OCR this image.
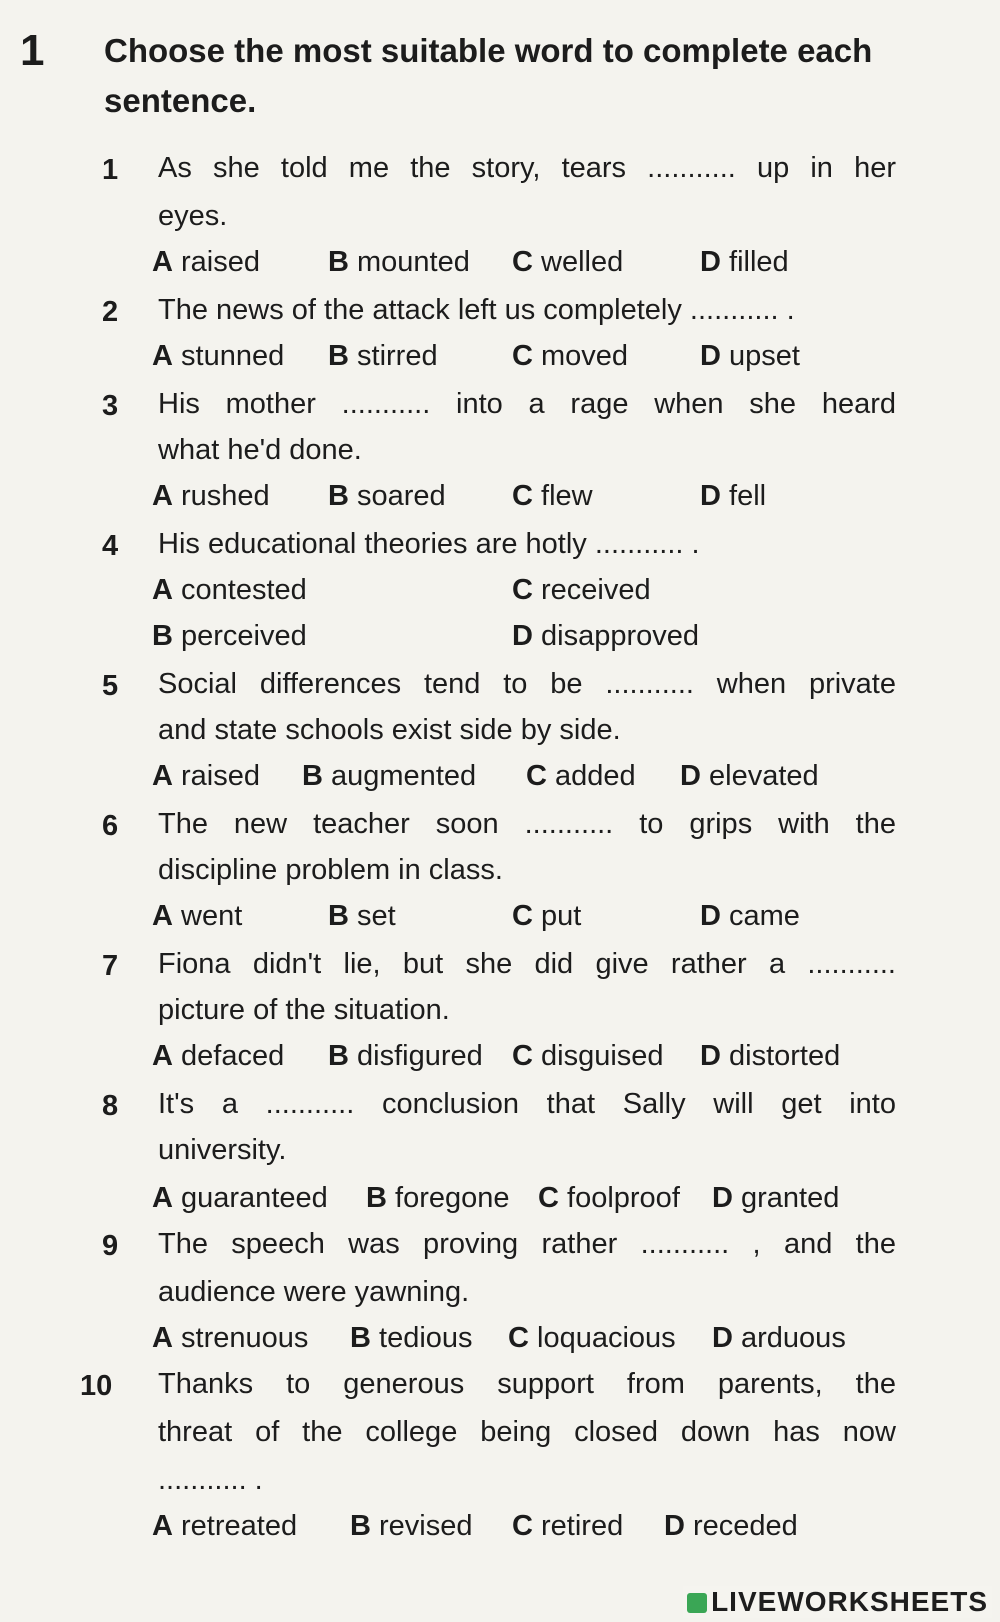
1 Choose the most suitable word to complete each
sentence.
1 As she told me the story, tears ........... up in her
eyes.
A raised B mounted C welled	D filled
2 The news of the attack left us completely ........... .
A stunned B stirred	C moved D upset
3 His mother ........... into a rage when she heard
what he'd done.
A rushed B soared C flew	D fell
4 His educational theories are hotly ........... .
A contested	C received
B perceived	D disapproved
5 Social differences tend to be ........... when private
and state schools exist side by side.
A raised B augmented C added D elevated
6 The new teacher soon ........... to grips with the
discipline problem in class.
A went	B set	C put	D came
7 Fiona didn't lie, but she did give rather a ...........
picture of the situation.
A defaced B disfigured C disguised D distorted
8 It's a ........... conclusion that Sally will get into
university.
A guaranteed B foregone C foolproof D granted
9 The speech was proving rather ........... , and the
audience were yawning.
A strenuous B tedious C loquacious D arduous
10 Thanks to generous support from parents, the
threat of the college being closed down has now
........... .
A retreated B revised C retired D receded
LIVEWORKSHEETS
